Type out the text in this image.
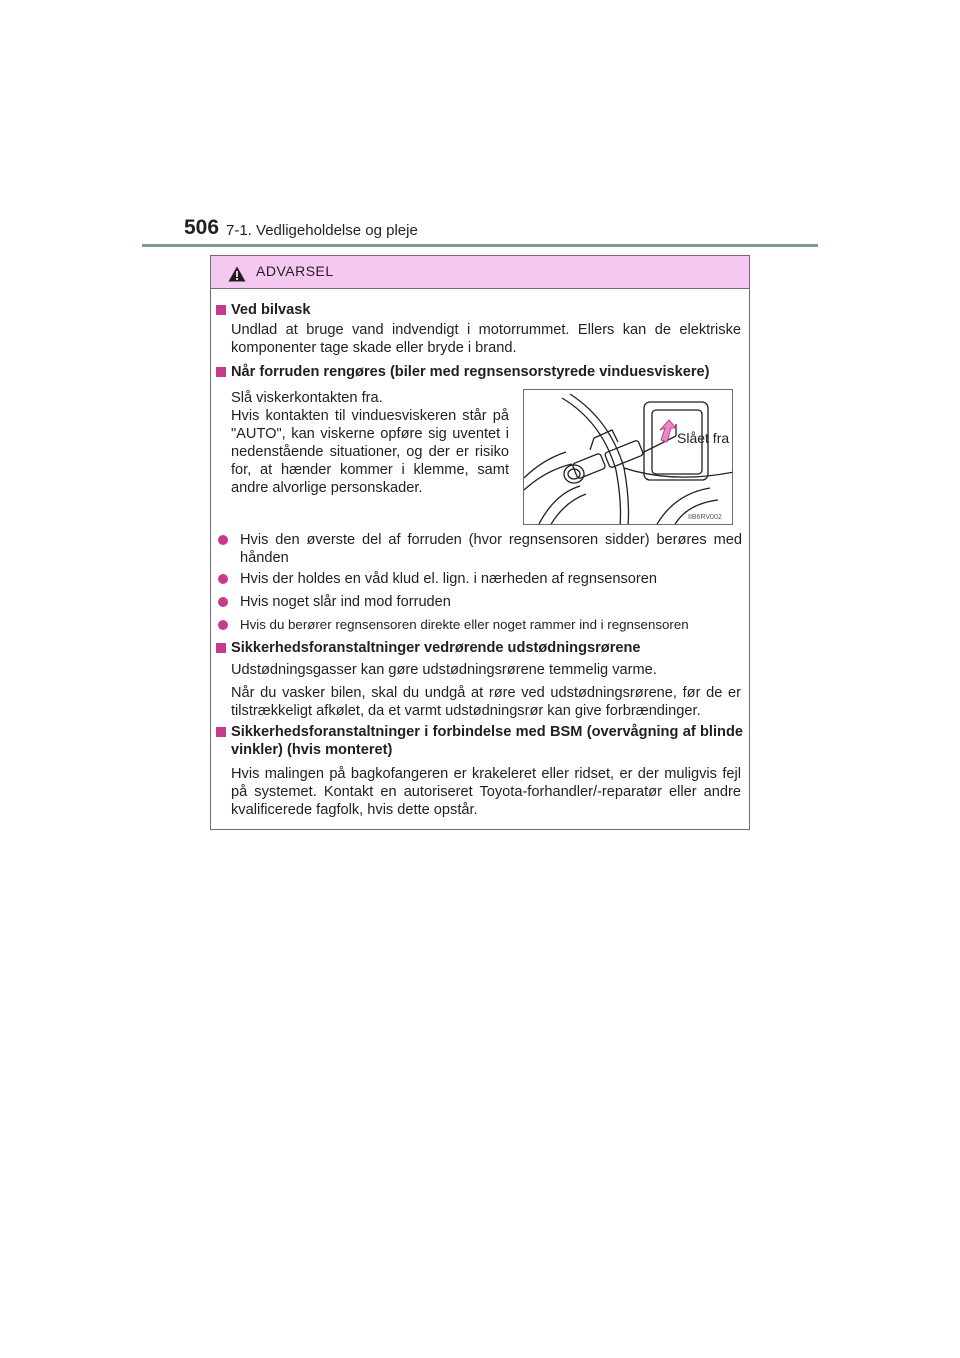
506 7-1. Vedligeholdelse og pleje
ADVARSEL
Ved bilvask
Undlad at bruge vand indvendigt i motorrummet. Ellers kan de elektriske komponenter tage skade eller bryde i brand.
Når forruden rengøres (biler med regnsensorstyrede vinduesviskere)
Slå viskerkontakten fra.
Hvis kontakten til vinduesviskeren står på "AUTO", kan viskerne opføre sig uventet i nedenstående situationer, og der er risiko for, at hænder kommer i klemme, samt andre alvorlige personskader.
Slået fra
IIB6RV002
Hvis den øverste del af forruden (hvor regnsensoren sidder) berøres med hånden
Hvis der holdes en våd klud el. lign. i nærheden af regnsensoren
Hvis noget slår ind mod forruden
Hvis du berører regnsensoren direkte eller noget rammer ind i regnsensoren
Sikkerhedsforanstaltninger vedrørende udstødningsrørene
Udstødningsgasser kan gøre udstødningsrørene temmelig varme.
Når du vasker bilen, skal du undgå at røre ved udstødningsrørene, før de er tilstrækkeligt afkølet, da et varmt udstødningsrør kan give forbrændinger.
Sikkerhedsforanstaltninger i forbindelse med BSM (overvågning af blinde vinkler) (hvis monteret)
Hvis malingen på bagkofangeren er krakeleret eller ridset, er der muligvis fejl på systemet. Kontakt en autoriseret Toyota-forhandler/-reparatør eller andre kvalificerede fagfolk, hvis dette opstår.
